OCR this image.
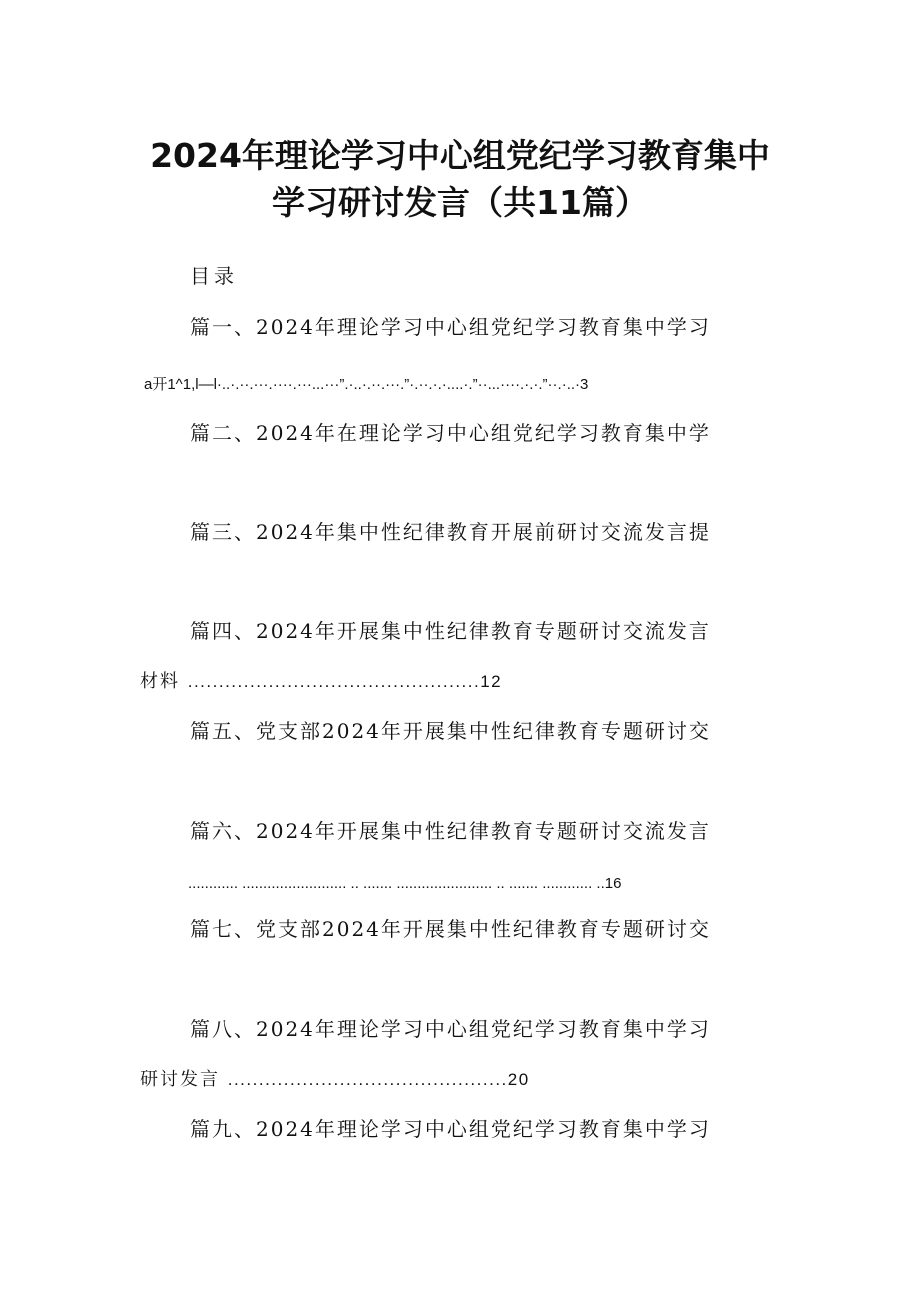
2024年理论学习中心组党纪学习教育集中
学习研讨发言（共11篇）
目录
篇一、2024年理论学习中心组党纪学习教育集中学习
a开1^1,l—l·..·.··.···.····.···...···”.·..·.··.···.”·.··.·.·....·.”··...····.·.·.”··.·..·3
篇二、2024年在理论学习中心组党纪学习教育集中学
篇三、2024年集中性纪律教育开展前研讨交流发言提
篇四、2024年开展集中性纪律教育专题研讨交流发言
材料 ...............................................12
篇五、党支部2024年开展集中性纪律教育专题研讨交
篇六、2024年开展集中性纪律教育专题研讨交流发言
............ ......................... .. ....... ....................... .. ....... ............ ..16
篇七、党支部2024年开展集中性纪律教育专题研讨交
篇八、2024年理论学习中心组党纪学习教育集中学习
研讨发言 .............................................20
篇九、2024年理论学习中心组党纪学习教育集中学习
